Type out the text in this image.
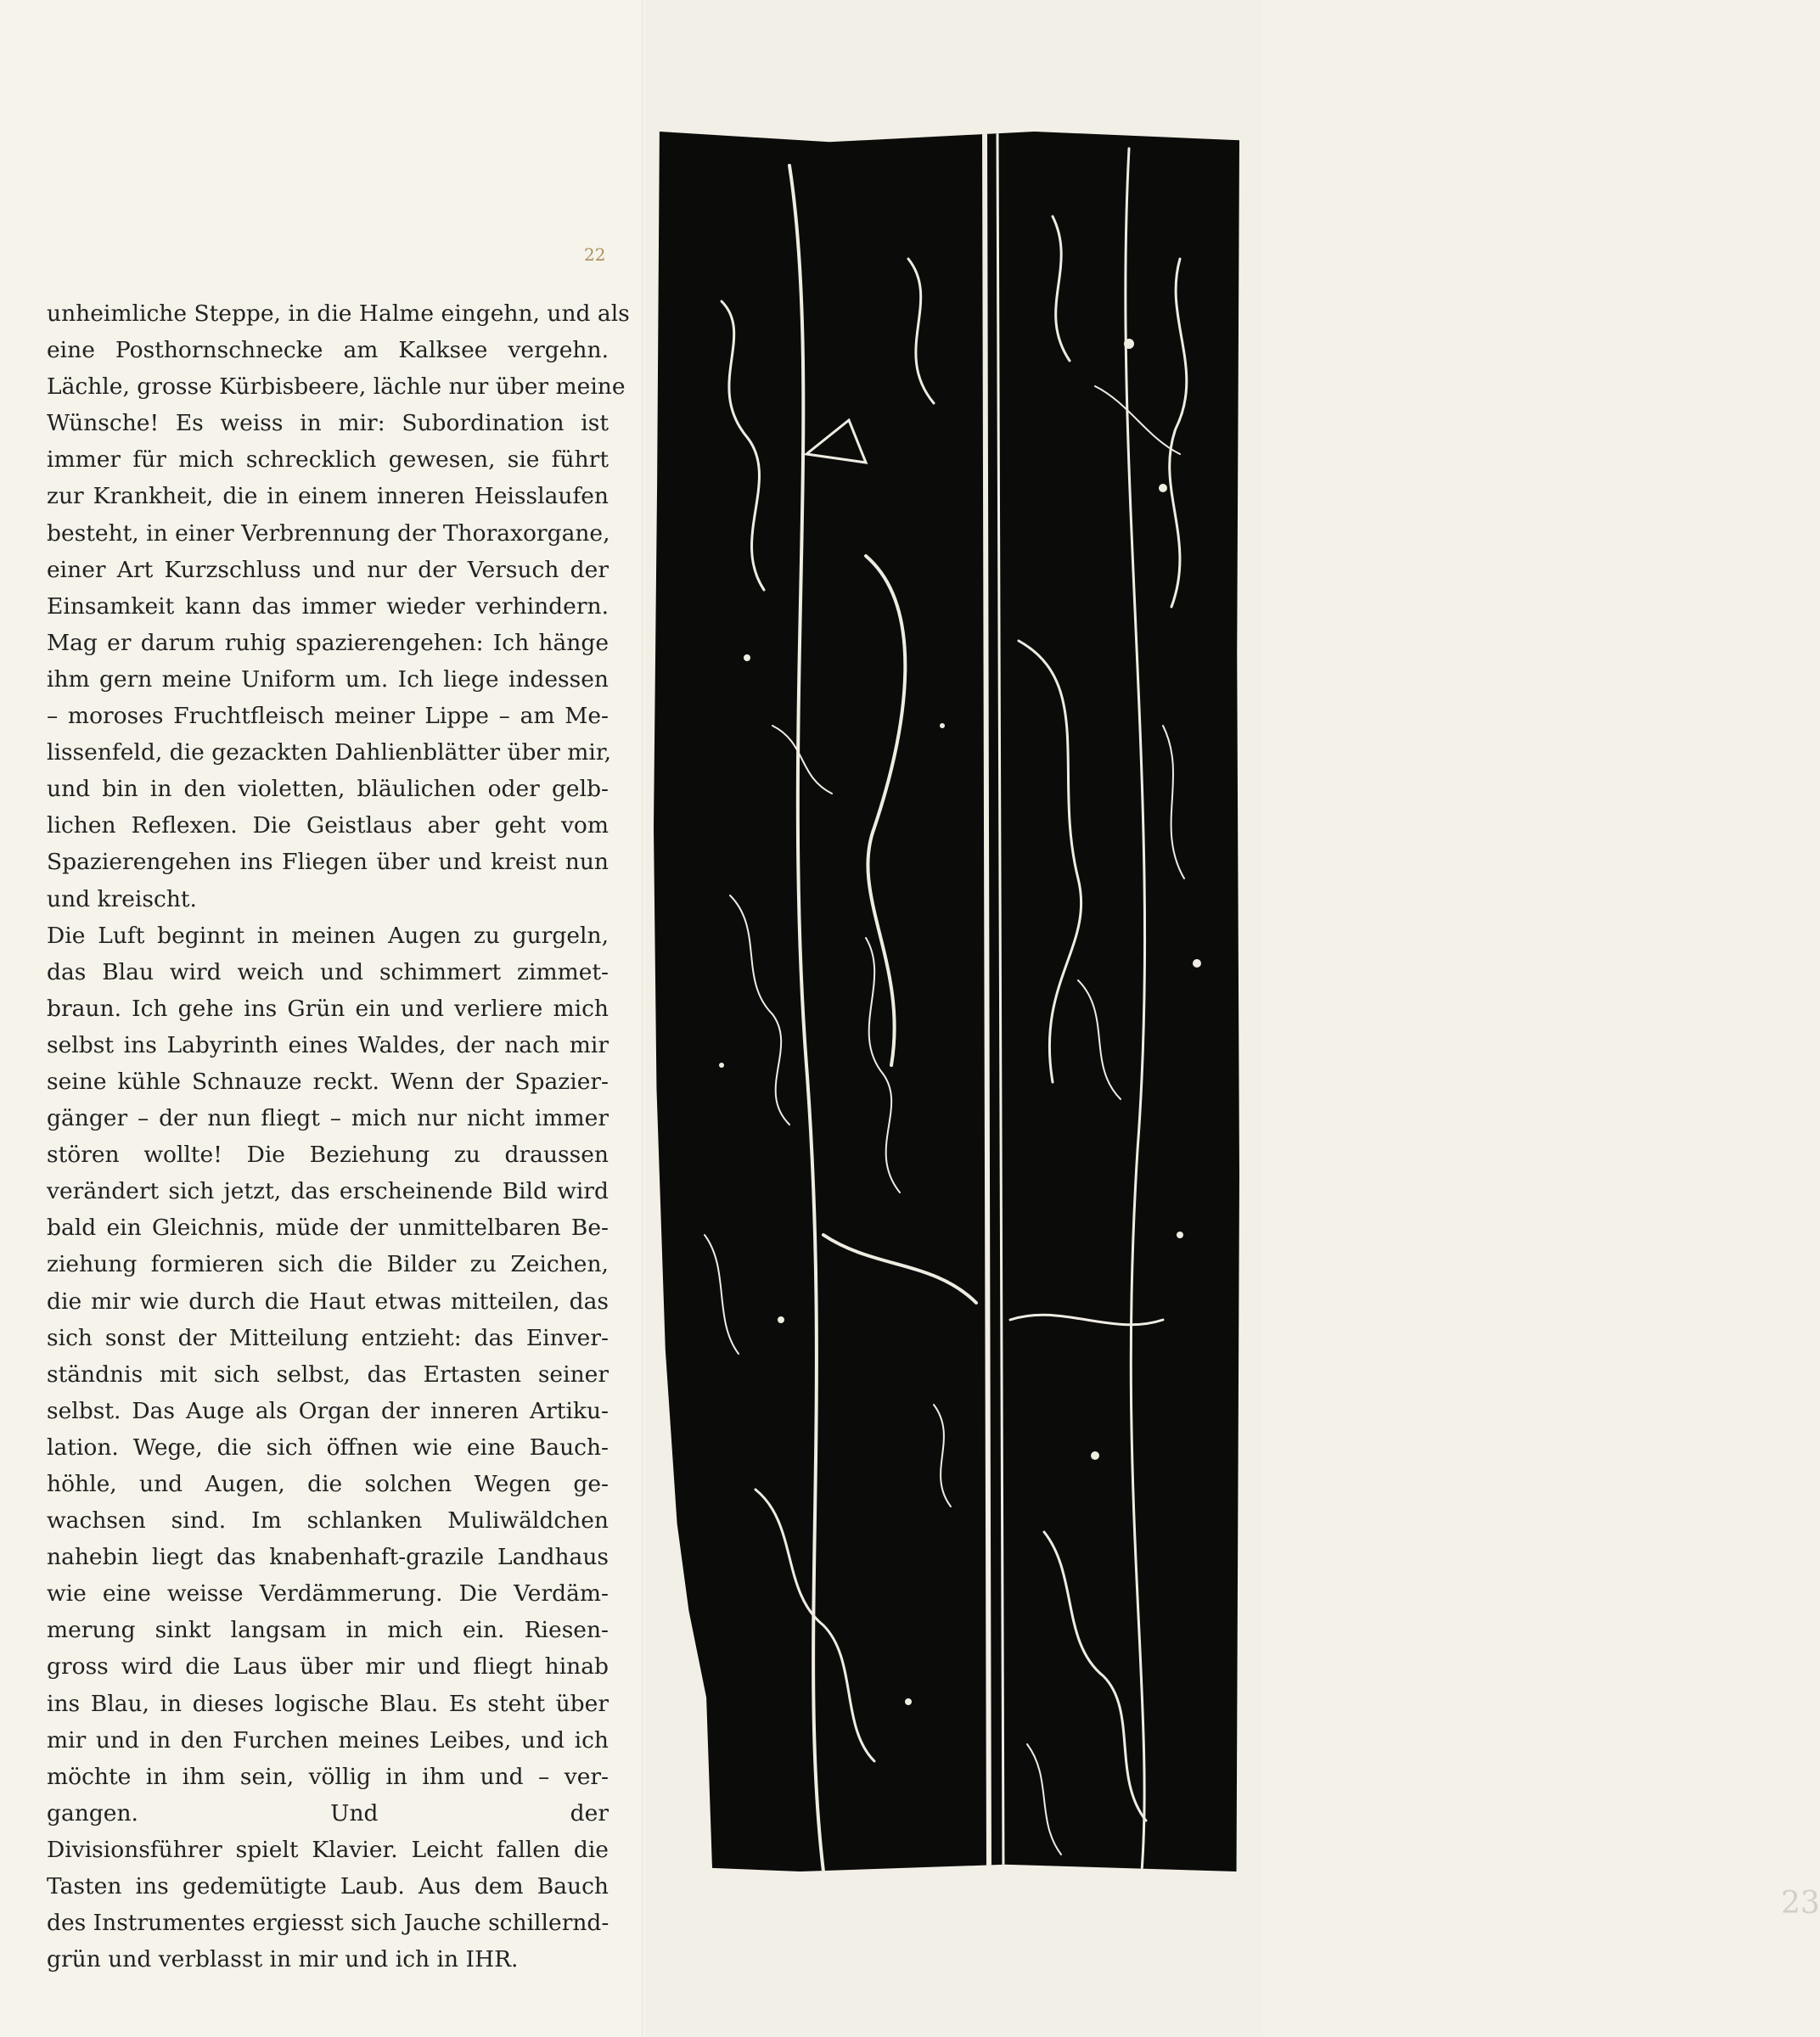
22
unheimliche Steppe, in die Halme eingehn, und als
eine Posthornschnecke am Kalksee vergehn.
Lächle, grosse Kürbisbeere, lächle nur über meine
Wünsche! Es weiss in mir: Subordination ist
immer für mich schrecklich gewesen, sie führt
zur Krankheit, die in einem inneren Heisslaufen
besteht, in einer Verbrennung der Thoraxorgane,
einer Art Kurzschluss und nur der Versuch der
Einsamkeit kann das immer wieder verhindern.
Mag er darum ruhig spazierengehen: Ich hänge
ihm gern meine Uniform um. Ich liege indessen
– moroses Fruchtfleisch meiner Lippe – am Me-
lissenfeld, die gezackten Dahlienblätter über mir,
und bin in den violetten, bläulichen oder gelb-
lichen Reflexen. Die Geistlaus aber geht vom
Spazierengehen ins Fliegen über und kreist nun
und kreischt.
Die Luft beginnt in meinen Augen zu gurgeln,
das Blau wird weich und schimmert zimmet-
braun. Ich gehe ins Grün ein und verliere mich
selbst ins Labyrinth eines Waldes, der nach mir
seine kühle Schnauze reckt. Wenn der Spazier-
gänger – der nun fliegt – mich nur nicht immer
stören wollte! Die Beziehung zu draussen
verändert sich jetzt, das erscheinende Bild wird
bald ein Gleichnis, müde der unmittelbaren Be-
ziehung formieren sich die Bilder zu Zeichen,
die mir wie durch die Haut etwas mitteilen, das
sich sonst der Mitteilung entzieht: das Einver-
ständnis mit sich selbst, das Ertasten seiner
selbst. Das Auge als Organ der inneren Artiku-
lation. Wege, die sich öffnen wie eine Bauch-
höhle, und Augen, die solchen Wegen ge-
wachsen sind. Im schlanken Muliwäldchen
nahebin liegt das knabenhaft-grazile Landhaus
wie eine weisse Verdämmerung. Die Verdäm-
merung sinkt langsam in mich ein. Riesen-
gross wird die Laus über mir und fliegt hinab
ins Blau, in dieses logische Blau. Es steht über
mir und in den Furchen meines Leibes, und ich
möchte in ihm sein, völlig in ihm und – ver-
gangen. Und der
Divisionsführer spielt Klavier. Leicht fallen die
Tasten ins gedemütigte Laub. Aus dem Bauch
des Instrumentes ergiesst sich Jauche schillernd-
grün und verblasst in mir und ich in IHR.
23
